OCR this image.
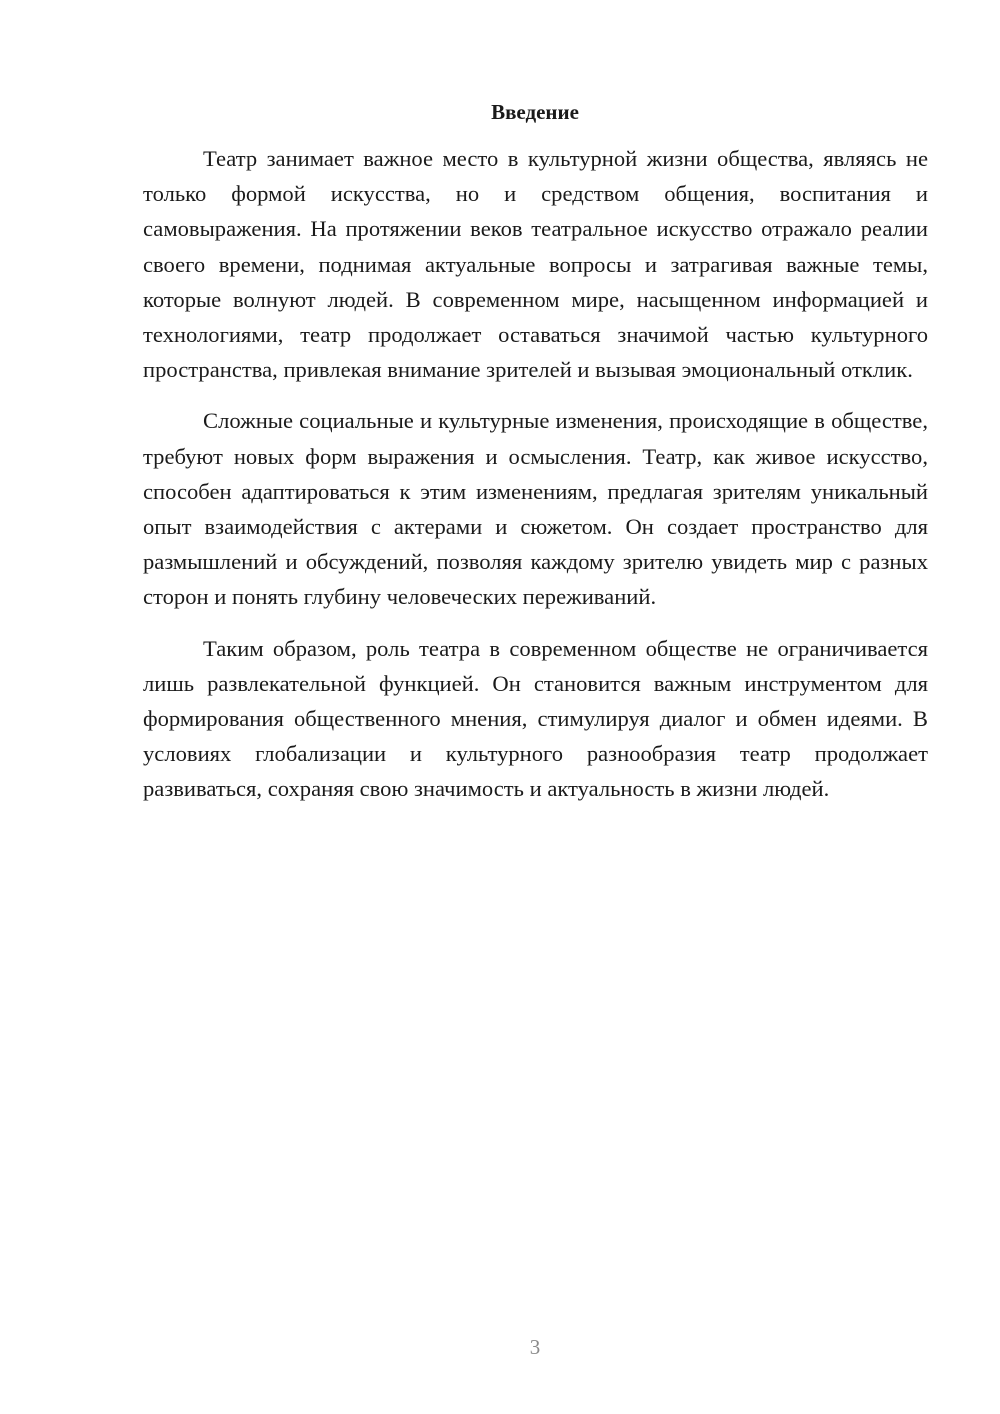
Введение

Театр занимает важное место в культурной жизни общества, являясь не только формой искусства, но и средством общения, воспитания и самовыражения. На протяжении веков театральное искусство отражало реалии своего времени, поднимая актуальные вопросы и затрагивая важные темы, которые волнуют людей. В современном мире, насыщенном информацией и технологиями, театр продолжает оставаться значимой частью культурного пространства, привлекая внимание зрителей и вызывая эмоциональный отклик.

Сложные социальные и культурные изменения, происходящие в обществе, требуют новых форм выражения и осмысления. Театр, как живое искусство, способен адаптироваться к этим изменениям, предлагая зрителям уникальный опыт взаимодействия с актерами и сюжетом. Он создает пространство для размышлений и обсуждений, позволяя каждому зрителю увидеть мир с разных сторон и понять глубину человеческих переживаний.

Таким образом, роль театра в современном обществе не ограничивается лишь развлекательной функцией. Он становится важным инструментом для формирования общественного мнения, стимулируя диалог и обмен идеями. В условиях глобализации и культурного разнообразия театр продолжает развиваться, сохраняя свою значимость и актуальность в жизни людей.

3
